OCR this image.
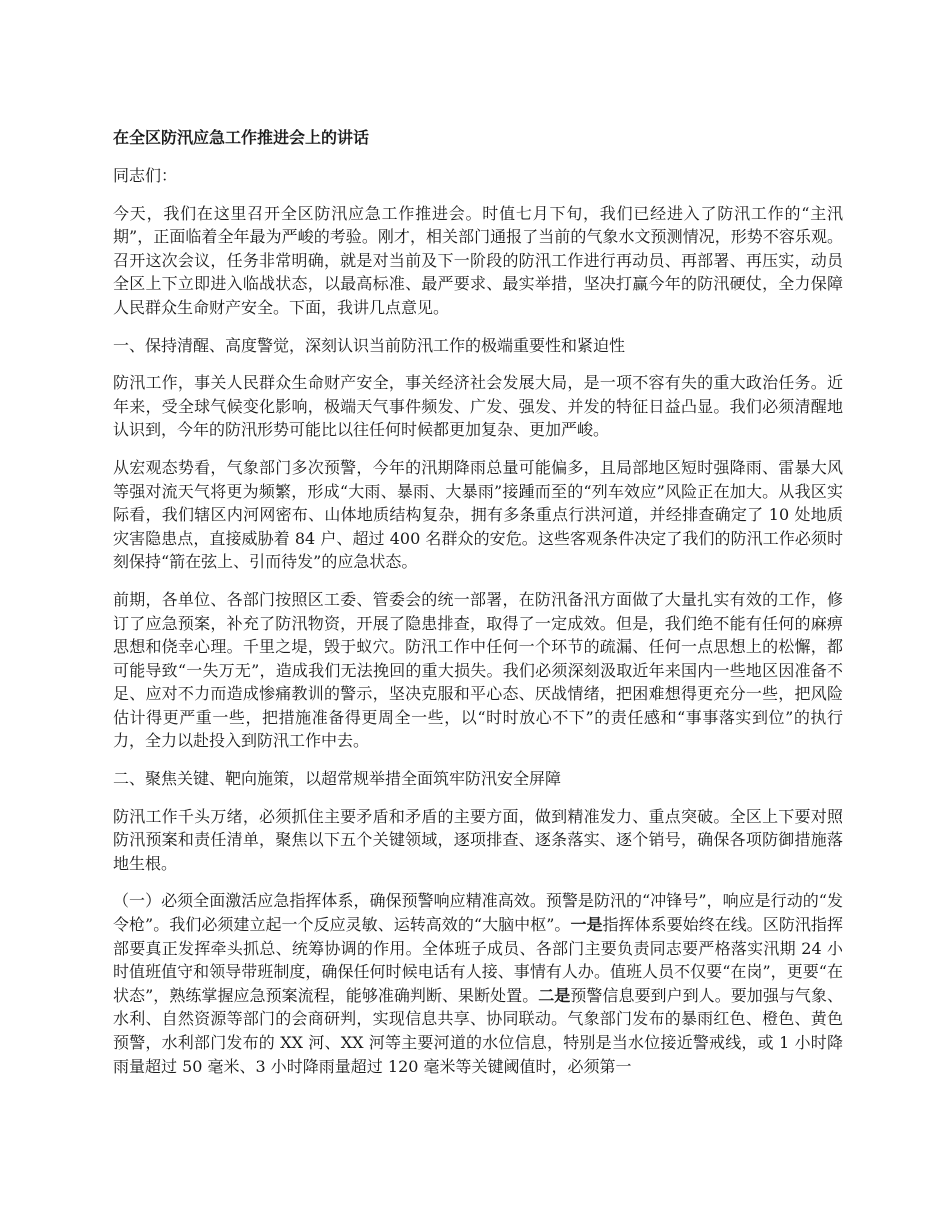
在全区防汛应急工作推进会上的讲话

同志们：

今天，我们在这里召开全区防汛应急工作推进会。时值七月下旬，我们已经进入了防汛工作的“主汛期”，正面临着全年最为严峻的考验。刚才，相关部门通报了当前的气象水文预测情况，形势不容乐观。召开这次会议，任务非常明确，就是对当前及下一阶段的防汛工作进行再动员、再部署、再压实，动员全区上下立即进入临战状态，以最高标准、最严要求、最实举措，坚决打赢今年的防汛硬仗，全力保障人民群众生命财产安全。下面，我讲几点意见。

一、保持清醒、高度警觉，深刻认识当前防汛工作的极端重要性和紧迫性

防汛工作，事关人民群众生命财产安全，事关经济社会发展大局，是一项不容有失的重大政治任务。近年来，受全球气候变化影响，极端天气事件频发、广发、强发、并发的特征日益凸显。我们必须清醒地认识到，今年的防汛形势可能比以往任何时候都更加复杂、更加严峻。

从宏观态势看，气象部门多次预警，今年的汛期降雨总量可能偏多，且局部地区短时强降雨、雷暴大风等强对流天气将更为频繁，形成“大雨、暴雨、大暴雨”接踵而至的“列车效应”风险正在加大。从我区实际看，我们辖区内河网密布、山体地质结构复杂，拥有多条重点行洪河道，并经排查确定了 10 处地质灾害隐患点，直接威胁着 84 户、超过 400 名群众的安危。这些客观条件决定了我们的防汛工作必须时刻保持“箭在弦上、引而待发”的应急状态。

前期，各单位、各部门按照区工委、管委会的统一部署，在防汛备汛方面做了大量扎实有效的工作，修订了应急预案，补充了防汛物资，开展了隐患排查，取得了一定成效。但是，我们绝不能有任何的麻痹思想和侥幸心理。千里之堤，毁于蚁穴。防汛工作中任何一个环节的疏漏、任何一点思想上的松懈，都可能导致“一失万无”，造成我们无法挽回的重大损失。我们必须深刻汲取近年来国内一些地区因准备不足、应对不力而造成惨痛教训的警示，坚决克服和平心态、厌战情绪，把困难想得更充分一些，把风险估计得更严重一些，把措施准备得更周全一些，以“时时放心不下”的责任感和“事事落实到位”的执行力，全力以赴投入到防汛工作中去。

二、聚焦关键、靶向施策，以超常规举措全面筑牢防汛安全屏障

防汛工作千头万绪，必须抓住主要矛盾和矛盾的主要方面，做到精准发力、重点突破。全区上下要对照防汛预案和责任清单，聚焦以下五个关键领域，逐项排查、逐条落实、逐个销号，确保各项防御措施落地生根。

（一）必须全面激活应急指挥体系，确保预警响应精准高效。预警是防汛的“冲锋号”，响应是行动的“发令枪”。我们必须建立起一个反应灵敏、运转高效的“大脑中枢”。一是指挥体系要始终在线。区防汛指挥部要真正发挥牵头抓总、统筹协调的作用。全体班子成员、各部门主要负责同志要严格落实汛期 24 小时值班值守和领导带班制度，确保任何时候电话有人接、事情有人办。值班人员不仅要“在岗”，更要“在状态”，熟练掌握应急预案流程，能够准确判断、果断处置。二是预警信息要到户到人。要加强与气象、水利、自然资源等部门的会商研判，实现信息共享、协同联动。气象部门发布的暴雨红色、橙色、黄色预警，水利部门发布的 XX 河、XX 河等主要河道的水位信息，特别是当水位接近警戒线，或 1 小时降雨量超过 50 毫米、3 小时降雨量超过 120 毫米等关键阈值时，必须第一
